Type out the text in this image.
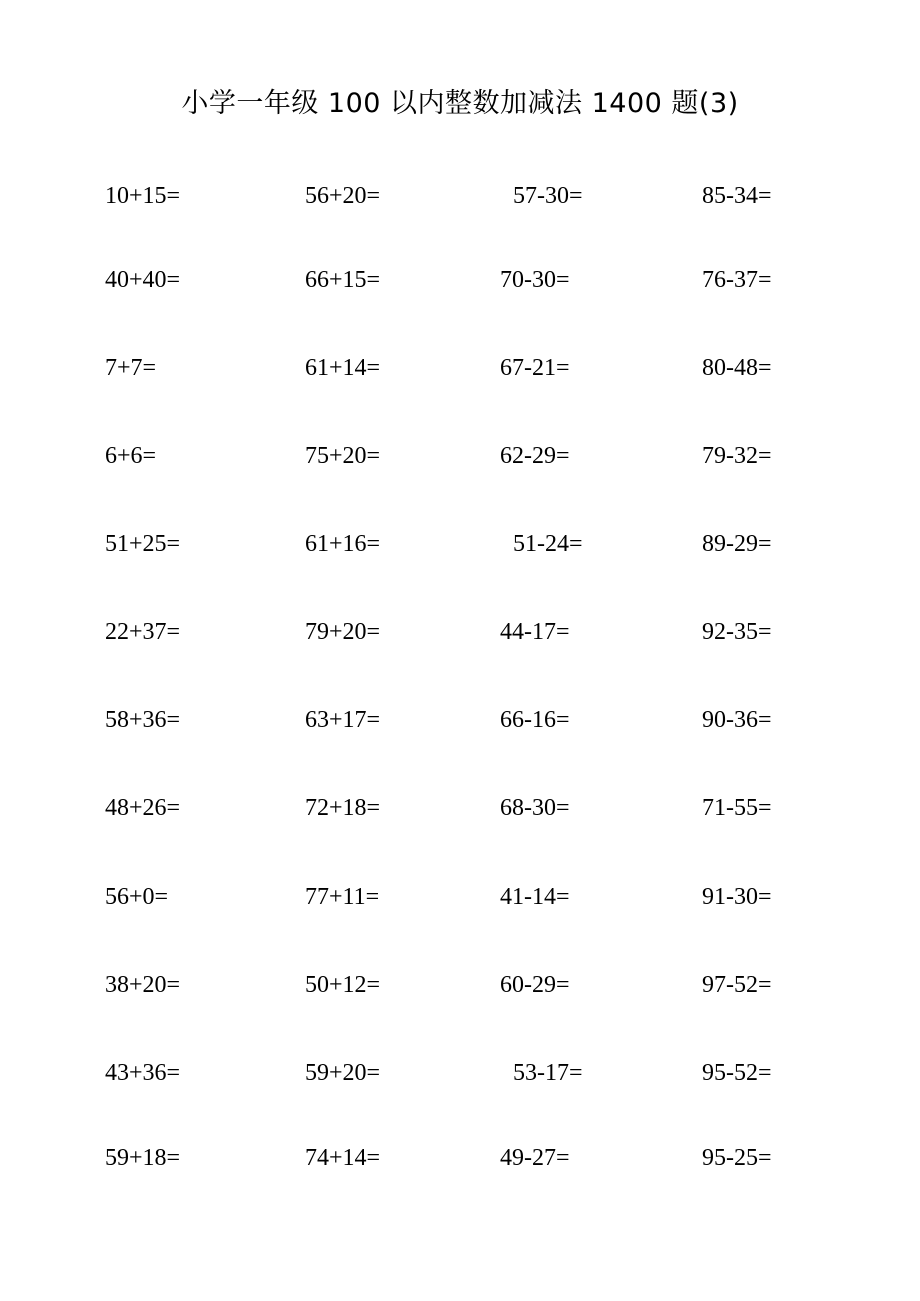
小学一年级 100 以内整数加减法 1400 题(3)
10+15=	56+20=	57-30=	85-34=
40+40=	66+15=	70-30=	76-37=
7+7=	61+14=	67-21=	80-48=
6+6=	75+20=	62-29=	79-32=
51+25=	61+16=	51-24=	89-29=
22+37=	79+20=	44-17=	92-35=
58+36=	63+17=	66-16=	90-36=
48+26=	72+18=	68-30=	71-55=
56+0=	77+11=	41-14=	91-30=
38+20=	50+12=	60-29=	97-52=
43+36=	59+20=	53-17=	95-52=
59+18=	74+14=	49-27=	95-25=
